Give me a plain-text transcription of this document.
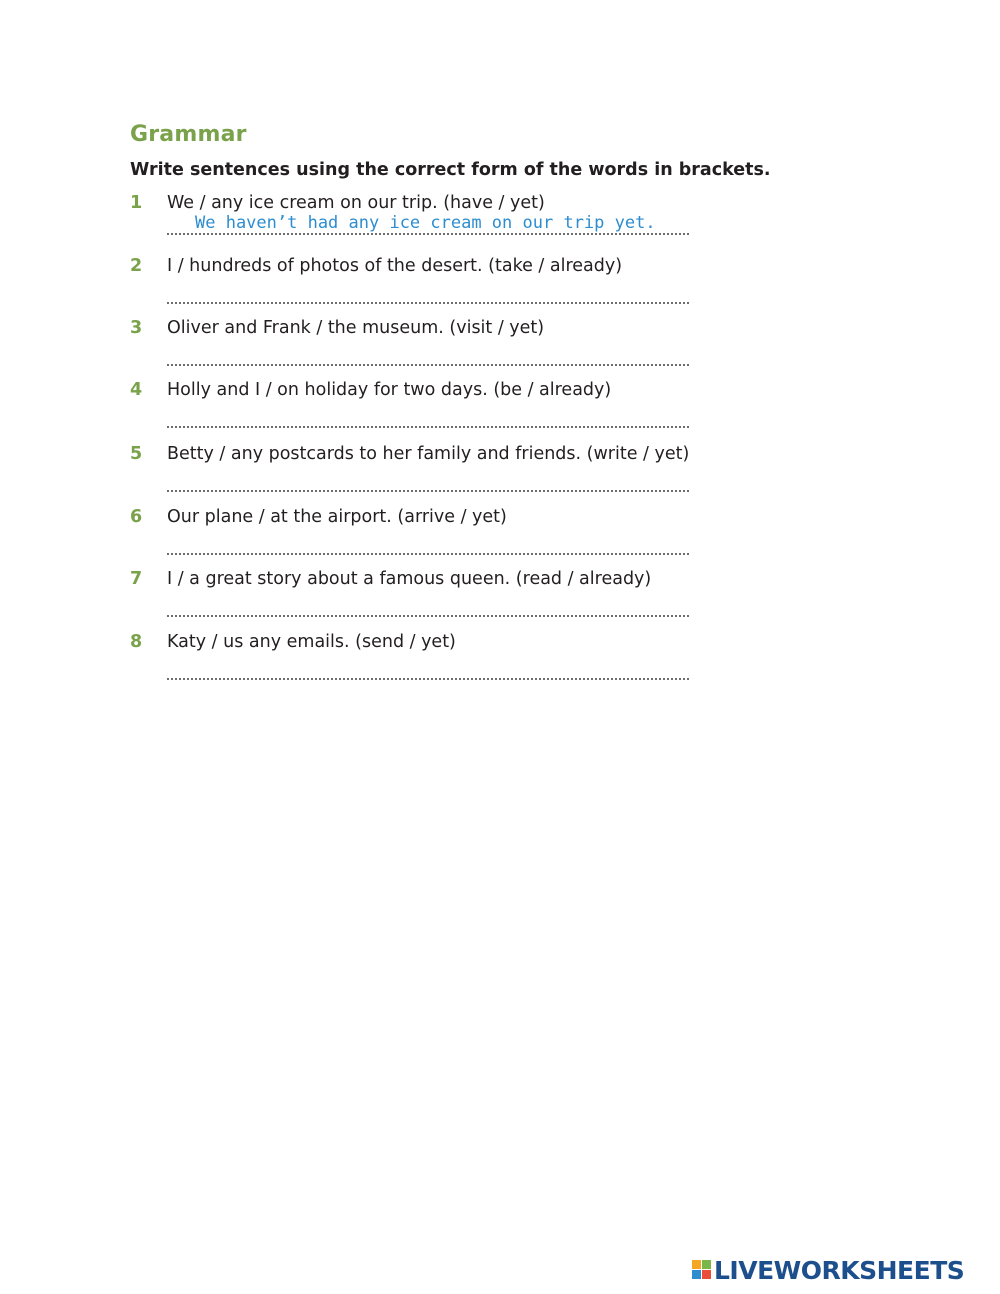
Grammar
Write sentences using the correct form of the words in brackets.
1 We / any ice cream on our trip. (have / yet)
We haven’t had any ice cream on our trip yet.
2 I / hundreds of photos of the desert. (take / already)
3 Oliver and Frank / the museum. (visit / yet)
4 Holly and I / on holiday for two days. (be / already)
5 Betty / any postcards to her family and friends. (write / yet)
6 Our plane / at the airport. (arrive / yet)
7 I / a great story about a famous queen. (read / already)
8 Katy / us any emails. (send / yet)
LIVEWORKSHEETS
